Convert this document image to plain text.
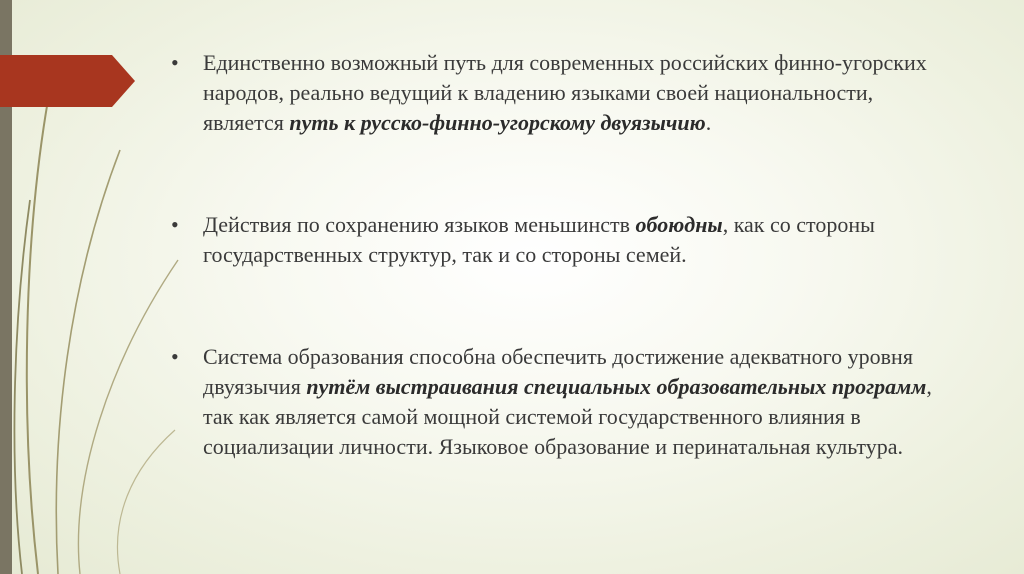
• Единственно возможный путь для современных российских финно-угорских народов, реально ведущий к владению языками своей национальности, является путь к русско-финно-угорскому двуязычию.
• Действия по сохранению языков меньшинств обоюдны, как со стороны государственных структур, так и со стороны семей.
• Система образования способна обеспечить достижение адекватного уровня двуязычия путём выстраивания специальных образовательных программ, так как является самой мощной системой государственного влияния в социализации личности. Языковое образование и перинатальная культура.
